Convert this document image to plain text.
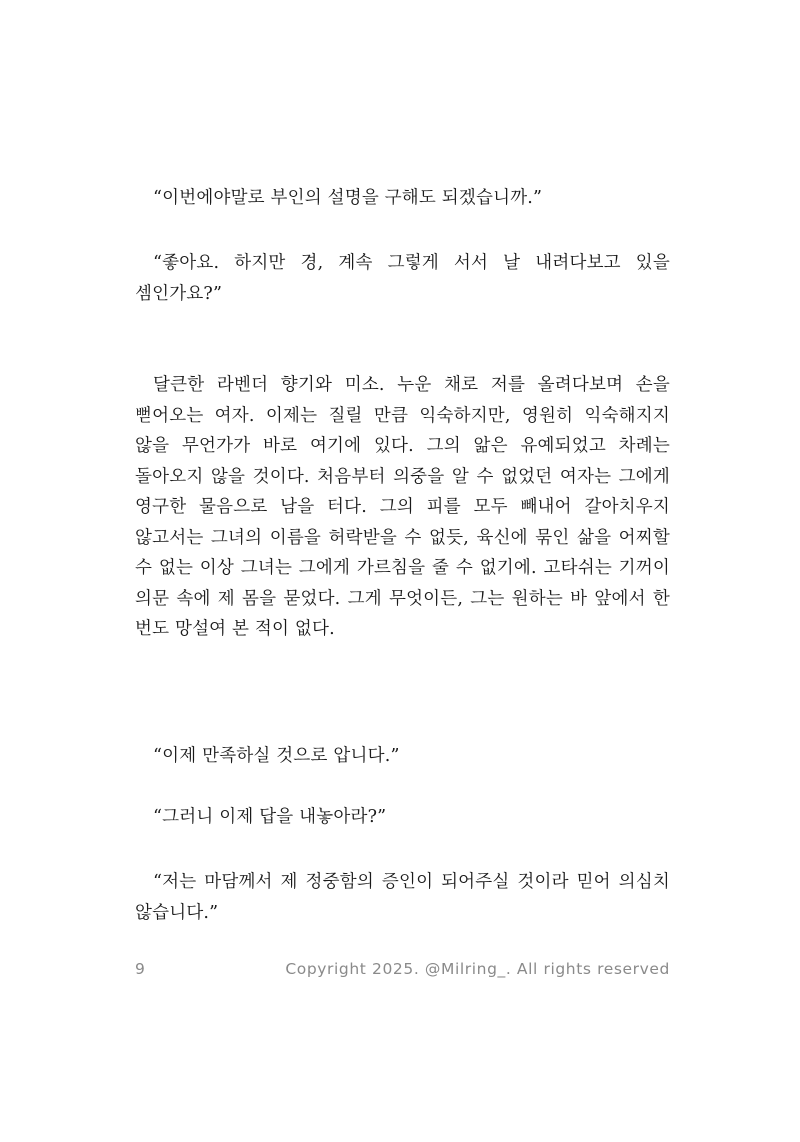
“이번에야말로 부인의 설명을 구해도 되겠습니까.”

“좋아요. 하지만 경, 계속 그렇게 서서 날 내려다보고 있을 셈인가요?”

달큰한 라벤더 향기와 미소. 누운 채로 저를 올려다보며 손을 뻗어오는 여자. 이제는 질릴 만큼 익숙하지만, 영원히 익숙해지지 않을 무언가가 바로 여기에 있다. 그의 앎은 유예되었고 차례는 돌아오지 않을 것이다. 처음부터 의중을 알 수 없었던 여자는 그에게 영구한 물음으로 남을 터다. 그의 피를 모두 빼내어 갈아치우지 않고서는 그녀의 이름을 허락받을 수 없듯, 육신에 묶인 삶을 어찌할 수 없는 이상 그녀는 그에게 가르침을 줄 수 없기에. 고타쉬는 기꺼이 의문 속에 제 몸을 묻었다. 그게 무엇이든, 그는 원하는 바 앞에서 한 번도 망설여 본 적이 없다.

“이제 만족하실 것으로 압니다.”

“그러니 이제 답을 내놓아라?”

“저는 마담께서 제 정중함의 증인이 되어주실 것이라 믿어 의심치 않습니다.”

9	Copyright 2025. @Milring_. All rights reserved
